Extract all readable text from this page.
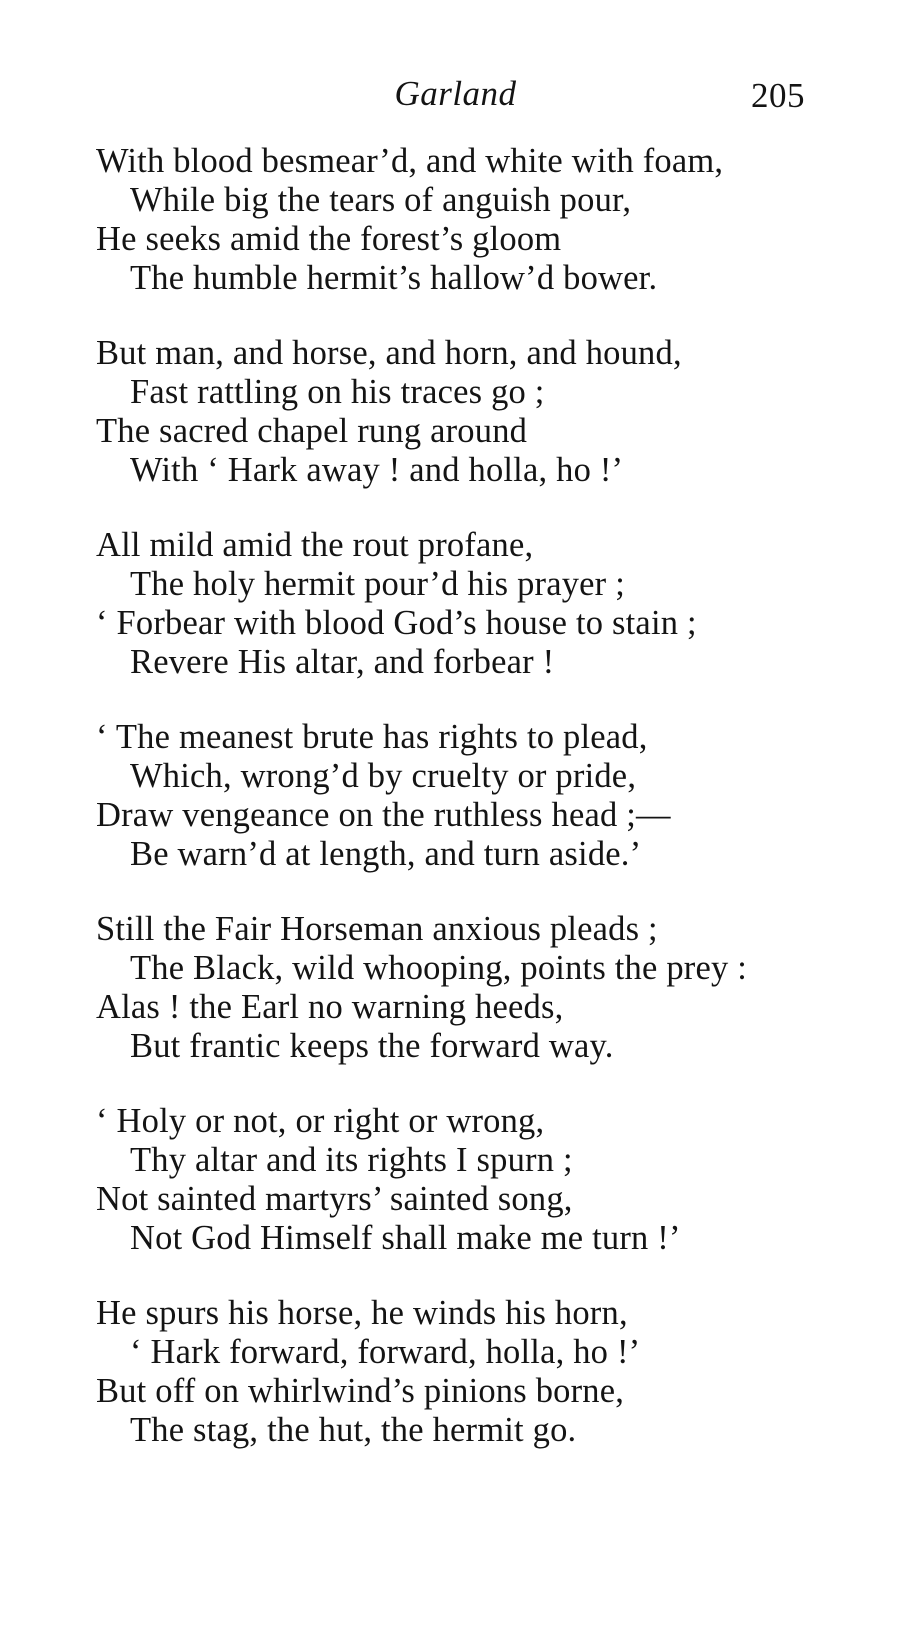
Garland	205
With blood besmear’d, and white with foam,
While big the tears of anguish pour,
He seeks amid the forest’s gloom
The humble hermit’s hallow’d bower.
But man, and horse, and horn, and hound,
Fast rattling on his traces go ;
The sacred chapel rung around
With ‘ Hark away ! and holla, ho !’
All mild amid the rout profane,
The holy hermit pour’d his prayer ;
‘ Forbear with blood God’s house to stain ;
Revere His altar, and forbear !
‘ The meanest brute has rights to plead,
Which, wrong’d by cruelty or pride,
Draw vengeance on the ruthless head ;—
Be warn’d at length, and turn aside.’
Still the Fair Horseman anxious pleads ;
The Black, wild whooping, points the prey :
Alas ! the Earl no warning heeds,
But frantic keeps the forward way.
‘ Holy or not, or right or wrong,
Thy altar and its rights I spurn ;
Not sainted martyrs’ sainted song,
Not God Himself shall make me turn !’
He spurs his horse, he winds his horn,
‘ Hark forward, forward, holla, ho !’
But off on whirlwind’s pinions borne,
The stag, the hut, the hermit go.
